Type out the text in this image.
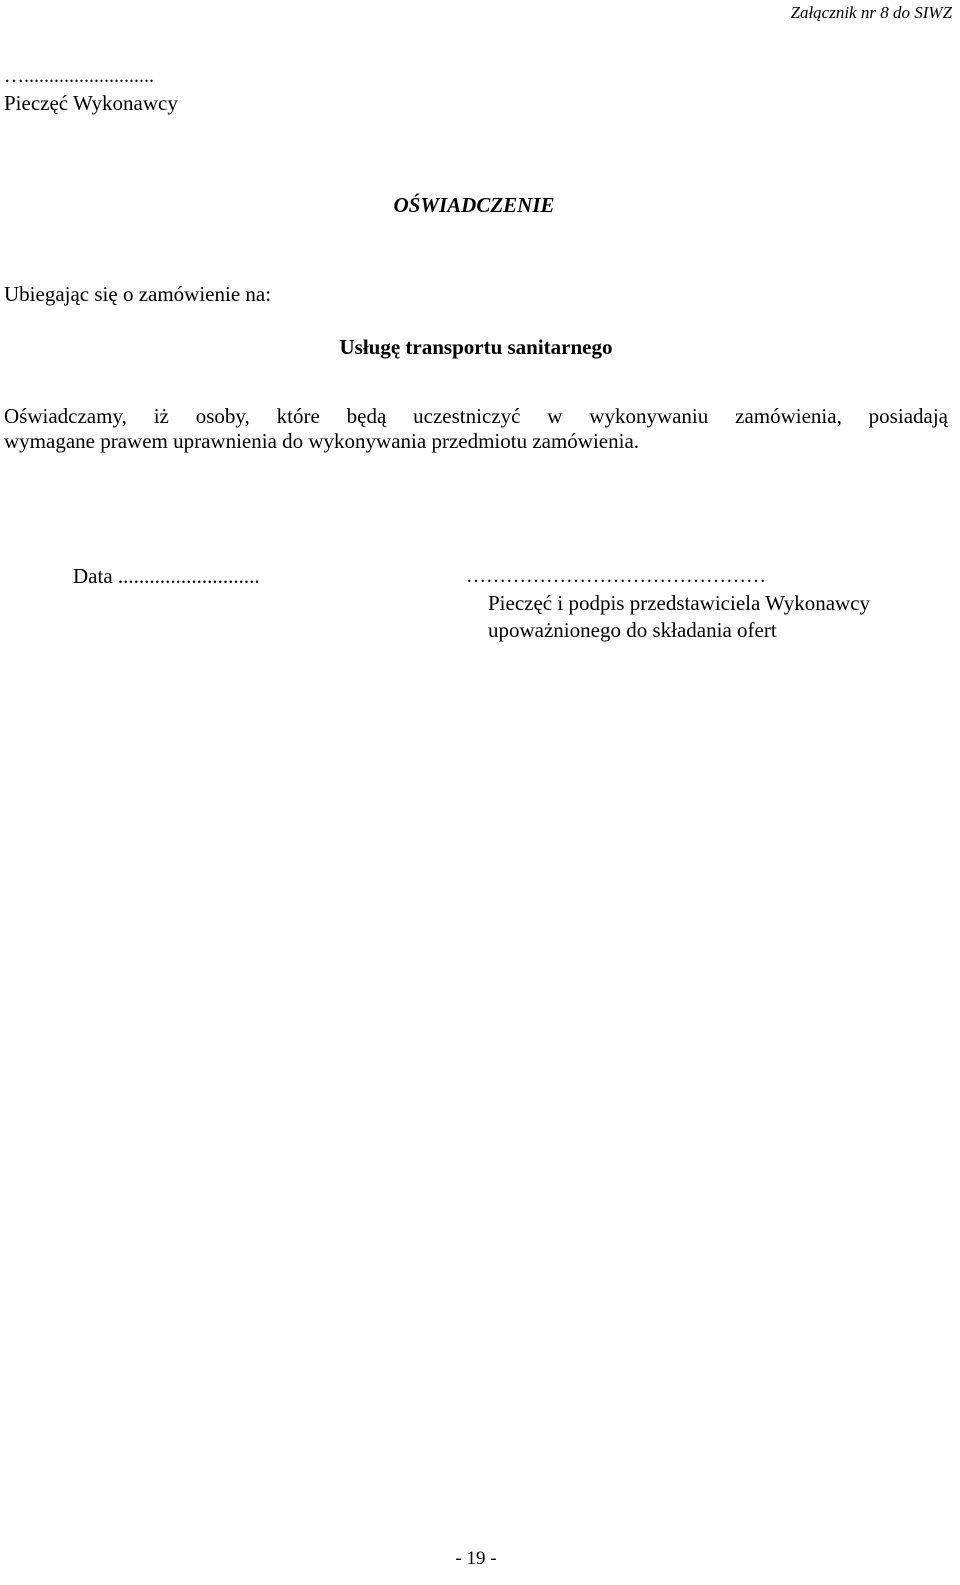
Załącznik nr 8 do SIWZ
…..........................
Pieczęć Wykonawcy
OŚWIADCZENIE
Ubiegając się o zamówienie na:
Usługę transportu sanitarnego
Oświadczamy, iż osoby, które będą uczestniczyć w wykonywaniu zamówienia, posiadają
wymagane prawem uprawnienia do wykonywania przedmiotu zamówienia.
Data ...........................	………………………………………
Pieczęć i podpis przedstawiciela Wykonawcy
upoważnionego do składania ofert
- 19 -
